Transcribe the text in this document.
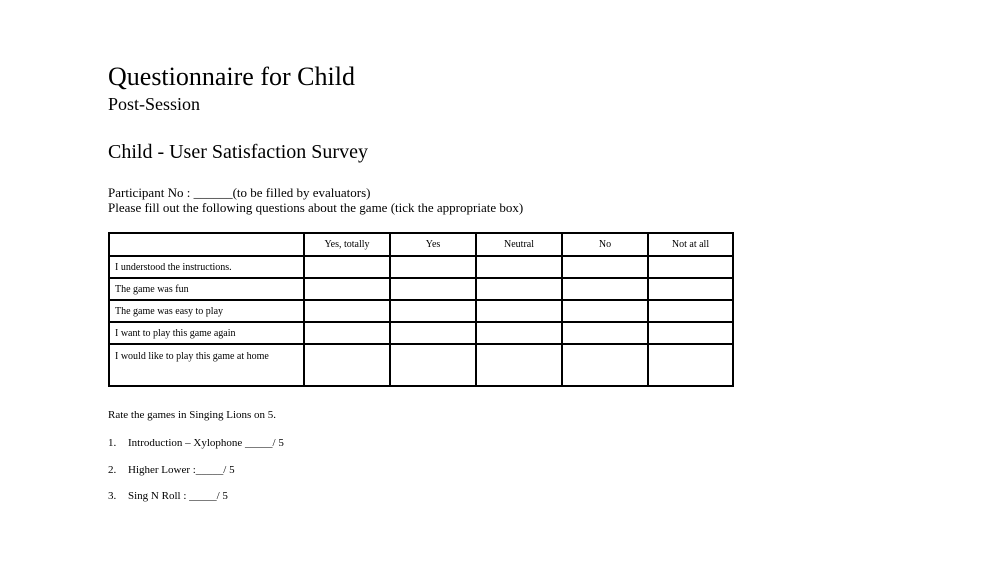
Questionnaire for Child
Post-Session
Child - User Satisfaction Survey
Participant No : ______(to be filled by evaluators)
Please fill out the following questions about the game (tick the appropriate box)
	Yes, totally	Yes	Neutral	No	Not at all
I understood the instructions.					
The game was fun					
The game was easy to play					
I want to play this game again					
I would like to play this game at home					
Rate the games in Singing Lions on 5.
1. Introduction – Xylophone _____/ 5
2. Higher Lower :_____/ 5
3. Sing N Roll : _____/ 5
